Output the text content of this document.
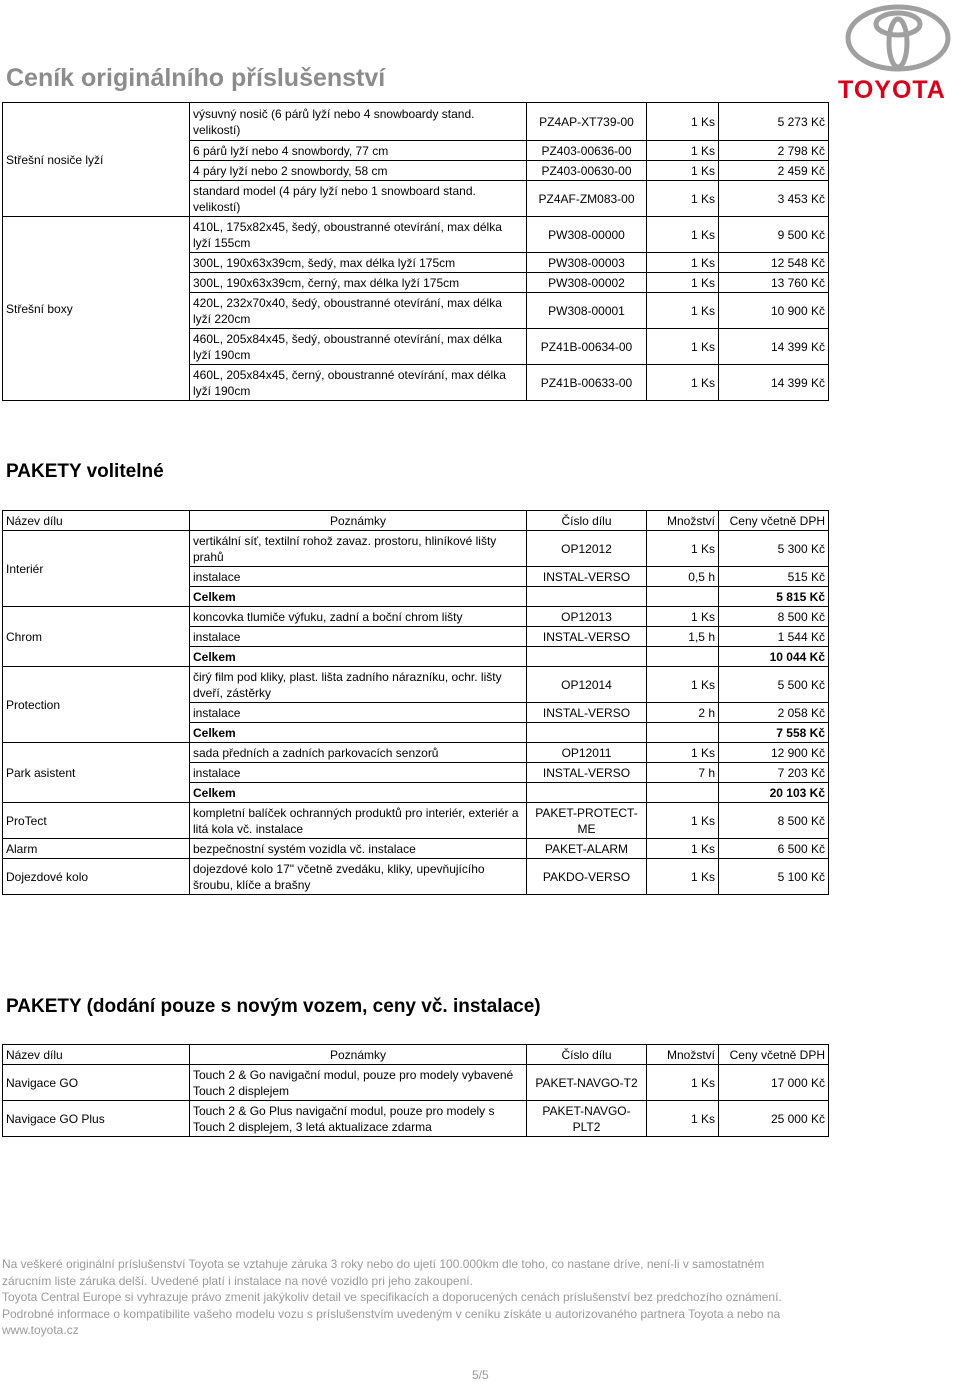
Ceník originálního příslušenství	TOYOTA
Střešní nosiče lyží	výsuvný nosič (6 párů lyží nebo 4 snowboardy stand. velikostí)	PZ4AP-XT739-00	1 Ks	5 273 Kč
	6 párů lyží nebo 4 snowbordy, 77 cm	PZ403-00636-00	1 Ks	2 798 Kč
	4 páry lyží nebo 2 snowbordy, 58 cm	PZ403-00630-00	1 Ks	2 459 Kč
	standard model (4 páry lyží nebo 1 snowboard stand. velikostí)	PZ4AF-ZM083-00	1 Ks	3 453 Kč
Střešní boxy	410L, 175x82x45, šedý, oboustranné otevírání, max délka lyží 155cm	PW308-00000	1 Ks	9 500 Kč
	300L, 190x63x39cm, šedý, max délka lyží 175cm	PW308-00003	1 Ks	12 548 Kč
	300L, 190x63x39cm, černý, max délka lyží 175cm	PW308-00002	1 Ks	13 760 Kč
	420L, 232x70x40, šedý, oboustranné otevírání, max délka lyží 220cm	PW308-00001	1 Ks	10 900 Kč
	460L, 205x84x45, šedý, oboustranné otevírání, max délka lyží 190cm	PZ41B-00634-00	1 Ks	14 399 Kč
	460L, 205x84x45, černý, oboustranné otevírání, max délka lyží 190cm	PZ41B-00633-00	1 Ks	14 399 Kč
PAKETY volitelné
Název dílu	Poznámky	Číslo dílu	Množství	Ceny včetně DPH
Interiér	vertikální síť, textilní rohož zavaz. prostoru, hliníkové lišty prahů	OP12012	1 Ks	5 300 Kč
	instalace	INSTAL-VERSO	0,5 h	515 Kč
	Celkem			5 815 Kč
Chrom	koncovka tlumiče výfuku, zadní a boční chrom lišty	OP12013	1 Ks	8 500 Kč
	instalace	INSTAL-VERSO	1,5 h	1 544 Kč
	Celkem			10 044 Kč
Protection	čirý film pod kliky, plast. lišta zadního nárazníku, ochr. lišty dveří, zástěrky	OP12014	1 Ks	5 500 Kč
	instalace	INSTAL-VERSO	2 h	2 058 Kč
	Celkem			7 558 Kč
Park asistent	sada předních a zadních parkovacích senzorů	OP12011	1 Ks	12 900 Kč
	instalace	INSTAL-VERSO	7 h	7 203 Kč
	Celkem			20 103 Kč
ProTect	kompletní balíček ochranných produktů pro interiér, exteriér a litá kola vč. instalace	PAKET-PROTECT-ME	1 Ks	8 500 Kč
Alarm	bezpečnostní systém vozidla vč. instalace	PAKET-ALARM	1 Ks	6 500 Kč
Dojezdové kolo	dojezdové kolo 17" včetně zvedáku, kliky, upevňujícího šroubu, klíče a brašny	PAKDO-VERSO	1 Ks	5 100 Kč
PAKETY (dodání pouze s novým vozem, ceny vč. instalace)
Název dílu	Poznámky	Číslo dílu	Množství	Ceny včetně DPH
Navigace GO	Touch 2 & Go navigační modul, pouze pro modely vybavené Touch 2 displejem	PAKET-NAVGO-T2	1 Ks	17 000 Kč
Navigace GO Plus	Touch 2 & Go Plus navigační modul, pouze pro modely s Touch 2 displejem, 3 letá aktualizace zdarma	PAKET-NAVGO-PLT2	1 Ks	25 000 Kč
Na veškeré originální príslušenství Toyota se vztahuje záruka 3 roky nebo do ujetí 100.000km dle toho, co nastane dríve, není-li v samostatném
zárucním liste záruka delší. Uvedené platí i instalace na nové vozidlo pri jeho zakoupení.
Toyota Central Europe si vyhrazuje právo zmenit jakýkoliv detail ve specifikacích a doporucených cenách príslušenství bez predchozího oznámení.
Podrobné informace o kompatibilite vašeho modelu vozu s príslušenstvím uvedeným v ceníku získáte u autorizovaného partnera Toyota a nebo na
www.toyota.cz
5/5
